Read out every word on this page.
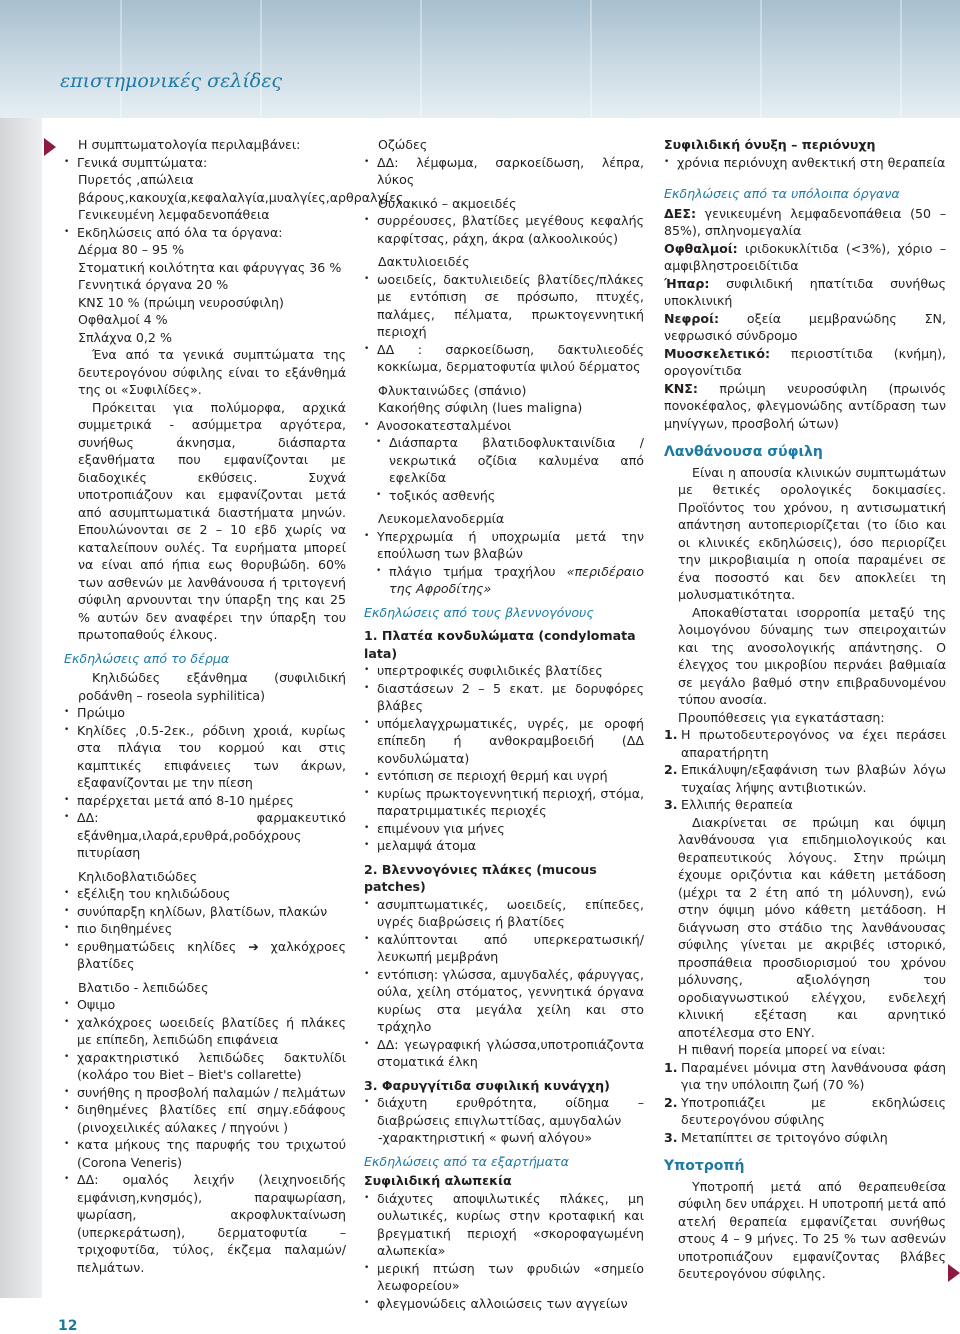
επιστημονικές σελίδες
12
Η συμπτωματολογία περιλαμβάνει:
• Γενικά συμπτώματα:
Πυρετός ,απώλεια βάρους,κακουχία,κεφαλαλγία,μυαλγίες,αρθραλγίες
Γενικευμένη λεμφαδενοπάθεια
• Εκδηλώσεις από όλα τα όργανα:
Δέρμα 80 – 95 %
Στοματική κοιλότητα και φάρυγγας 36 %
Γεννητικά όργανα 20 %
ΚΝΣ 10 % (πρώιμη νευροσύφιλη)
Οφθαλμοί 4 %
Σπλάχνα 0,2 %
Ένα από τα γενικά συμπτώματα της δευτερογόνου σύφιλης είναι το εξάνθημά της οι «Συφιλίδες».
Πρόκειται για πολύμορφα, αρχικά συμμετρικά - ασύμμετρα αργότερα, συνήθως άκνησμα, διάσπαρτα εξανθήματα που εμφανίζονται με διαδοχικές εκθύσεις. Συχνά υποτροπιάζουν και εμφανίζονται μετά από ασυμπτωματικά διαστήματα μηνών. Επουλώνονται σε 2 – 10 εβδ χωρίς να καταλείπουν ουλές. Τα ευρήματα μπορεί να είναι από ήπια εως θορυβώδη. 60% των ασθενών με λανθάνουσα ή τριτογενή σύφιλη αρνουνται την ύπαρξη της και 25 % αυτών δεν αναφέρει την ύπαρξη του πρωτοπαθούς έλκους.
Εκδηλώσεις από το δέρμα
Κηλιδώδες εξάνθημα (συφιλιδική ροδάνθη – roseola syphilitica)
• Πρώιμο
• Κηλίδες ,0.5-2εκ., ρόδινη χροιά, κυρίως στα πλάγια του κορμού και στις καμπτικές επιφάνειες των άκρων, εξαφανίζονται με την πίεση
• παρέρχεται μετά από 8-10 ημέρες
• ΔΔ: φαρμακευτικό εξάνθημα,ιλαρά,ερυθρά,ροδόχρους πιτυρίαση
Κηλιδοβλατιδώδες
• εξέλιξη του κηλιδώδους
• συνύπαρξη κηλίδων, βλατίδων, πλακών
• πιο διηθημένες
• ερυθηματώδεις κηλίδες ➔ χαλκόχροες βλατίδες
Βλατιδο - λεπιδώδες
• Οψιμο
• χαλκόχροες ωοειδείς βλατίδες ή πλάκες με επίπεδη, λεπιδώδη επιφάνεια
• χαρακτηριστικό λεπιδώδες δακτυλίδι (κολάρο του Biet – Biet's collarette)
• συνήθης η προσβολή παλαμών / πελμάτων
• διηθημένες βλατίδες επί σημγ.εδάφους (ρινοχειλικές αύλακες / πηγούνι )
• κατα μήκους της παρυφής του τριχωτού (Corona Veneris)
• ΔΔ: ομαλός λειχήν (λειχηνοειδής εμφάνιση,κνησμός), παραψωρίαση, ψωρίαση, ακροφλυκταίνωση (υπερκεράτωση), δερματοφυτία – τριχοφυτίδα, τύλος, έκζεμα παλαμών/πελμάτων.
Οζώδες
• ΔΔ: λέμφωμα, σαρκοείδωση, λέπρα, λύκος
Θυλακικό – ακμοειδές
• συρρέουσες, βλατίδες μεγέθους κεφαλής καρφίτσας, ράχη, άκρα (αλκοολικούς)
Δακτυλιοειδές
• ωοειδείς, δακτυλιειδείς βλατίδες/πλάκες με εντόπιση σε πρόσωπο, πτυχές, παλάμες, πέλματα, πρωκτογεννητική περιοχή
• ΔΔ : σαρκοείδωση, δακτυλιεοδές κοκκίωμα, δερματοφυτία ψιλού δέρματος
Φλυκταινώδες (σπάνιο)
Κακοήθης σύφιλη (lues maligna)
• Ανοσοκατεσταλμένοι
• Διάσπαρτα βλατιδοφλυκταινίδια / νεκρωτικά οζίδια καλυμένα από εφελκίδα
• τοξικός ασθενής
Λευκομελανοδερμία
• Υπερχρωμία ή υποχρωμία μετά την επούλωση των βλαβών
• πλάγιο τμήμα τραχήλου «περιδέραιο της Αφροδίτης»
Εκδηλώσεις από τους βλεννογόνους
1. Πλατέα κονδυλώματα (condylomata lata)
• υπερτροφικές συφιλιδικές βλατίδες
• διαστάσεων 2 – 5 εκατ. με δορυφόρες βλάβες
• υπόμελαγχρωματικές, υγρές, με οροφή επίπεδη ή ανθοκραμβοειδή (ΔΔ κονδυλώματα)
• εντόπιση σε περιοχή θερμή και υγρή
• κυρίως πρωκτογεννητική περιοχή, στόμα, παρατριμματικές περιοχές
• επιμένουν για μήνες
• μελαμψά άτομα
2. Βλεννογόνιες πλάκες (mucous patches)
• ασυμπτωματικές, ωοειδείς, επίπεδες, υγρές διαβρώσεις ή βλατίδες
• καλύπτονται από υπερκερατωσική/λευκωπή μεμβράνη
• εντόπιση: γλώσσα, αμυγδαλές, φάρυγγας, ούλα, χείλη στόματος, γεννητικά όργανα κυρίως στα μεγάλα χείλη και στο τράχηλο
• ΔΔ: γεωγραφική γλώσσα,υποτροπιάζοντα στοματικά έλκη
3. Φαρυγγίτιδα συφιλική κυνάγχη)
• διάχυτη ερυθρότητα, οίδημα – διαβρώσεις επιγλωττίδας, αμυγδαλών
-χαρακτηριστική « φωνή αλόγου»
Εκδηλώσεις από τα εξαρτήματα
Συφιλιδική αλωπεκία
• διάχυτες αποψιλωτικές πλάκες, μη ουλωτικές, κυρίως στην κροταφική και βρεγματική περιοχή «σκοροφαγωμένη αλωπεκία»
• μερική πτώση των φρυδιών «σημείο λεωφορείου»
• φλεγμονώδεις αλλοιώσεις των αγγείων
Συφιλιδική όνυξη – περιόνυχη
• χρόνια περιόνυχη ανθεκτική στη θεραπεία
Εκδηλώσεις από τα υπόλοιπα όργανα
ΔΕΣ: γενικευμένη λεμφαδενοπάθεια (50 – 85%), σπληνομεγαλία
Οφθαλμοί: ιριδοκυκλίτιδα (<3%), χόριο – αμφιβληστροειδίτιδα
Ήπαρ: συφιλιδική ηπατίτιδα συνήθως υποκλινική
Νεφροί: οξεία μεμβρανώδης ΣΝ, νεφρωσικό σύνδρομο
Μυοσκελετικό: περιοστίτιδα (κνήμη), ορογονίτιδα
ΚΝΣ: πρώιμη νευροσύφιλη (πρωινός πονοκέφαλος, φλεγμονώδης αντίδραση των μηνίγγων, προσβολή ώτων)
Λανθάνουσα σύφιλη
Είναι η απουσία κλινικών συμπτωμάτων με θετικές ορολογικές δοκιμασίες. Προϊόντος του χρόνου, η αντισωματική απάντηση αυτοπεριορίζεται (το ίδιο και οι κλινικές εκδηλώσεις), όσο περιορίζει την μικροβιαιμία η οποία παραμένει σε ένα ποσοστό και δεν αποκλείει τη μολυσματικότητα.
Αποκαθίσταται ισορροπία μεταξύ της λοιμογόνου δύναμης των σπειροχαιτών και της ανοσολογικής απάντησης. Ο έλεγχος του μικροβίου περνάει βαθμιαία σε μεγάλο βαθμό στην επιβραδυνομένου τύπου ανοσία.
Προυπόθεσεις για εγκατάσταση:
1. Η πρωτοδευτερογόνος να έχει περάσει απαρατήρητη
2. Επικάλυψη/εξαφάνιση των βλαβών λόγω τυχαίας λήψης αντιβιοτικών.
3. Ελλιπής θεραπεία
Διακρίνεται σε πρώιμη και όψιμη λανθάνουσα για επιδημιολογικούς και θεραπευτικούς λόγους. Στην πρώιμη έχουμε οριζόντια και κάθετη μετάδοση (μέχρι τα 2 έτη από τη μόλυνση), ενώ στην όψιμη μόνο κάθετη μετάδοση. Η διάγνωση στο στάδιο της λανθάνουσας σύφιλης γίνεται με ακριβές ιστορικό, προσπάθεια προσδιορισμού του χρόνου μόλυνσης, αξιολόγηση του οροδιαγνωστικού ελέγχου, ενδελεχή κλινική εξέταση και αρνητικό αποτέλεσμα στο ΕΝΥ.
Η πιθανή πορεία μπορεί να είναι:
1. Παραμένει μόνιμα στη λανθάνουσα φάση για την υπόλοιπη ζωή (70 %)
2. Υποτροπιάζει με εκδηλώσεις δευτερογόνου σύφιλης
3. Μεταπίπτει σε τριτογόνο σύφιλη
Υποτροπή
Υποτροπή μετά από θεραπευθείσα σύφιλη δεν υπάρχει. Η υποτροπή μετά από ατελή θεραπεία εμφανίζεται συνήθως στους 4 – 9 μήνες. Το 25 % των ασθενών υποτροπιάζουν εμφανίζοντας βλάβες δευτερογόνου σύφιλης.
